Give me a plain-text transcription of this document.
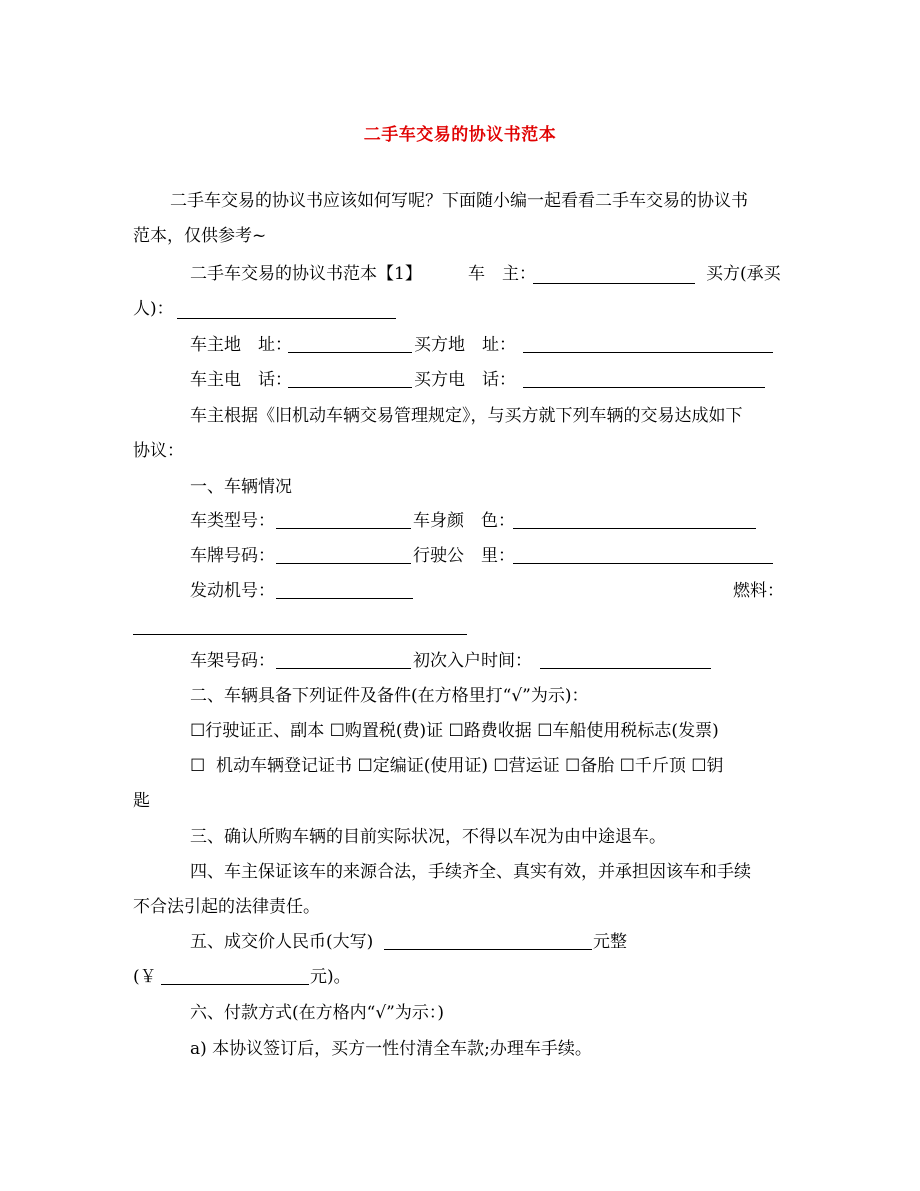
二手车交易的协议书范本
二手车交易的协议书应该如何写呢？下面随小编一起看看二手车交易的协议书
范本，仅供参考~
二手车交易的协议书范本【1】	车　主：	买方(承买
人)：
车主地　址：	买方地　址：
车主电　话：	买方电　话：
车主根据《旧机动车辆交易管理规定》，与买方就下列车辆的交易达成如下
协议：
一、车辆情况
车类型号：	车身颜　色：
车牌号码：	行驶公　里：
发动机号：	燃料：
车架号码：	初次入户时间：
二、车辆具备下列证件及备件(在方格里打“√”为示)：
☐行驶证正、副本 ☐购置税(费)证 ☐路费收据 ☐车船使用税标志(发票)
☐  机动车辆登记证书 ☐定编证(使用证) ☐营运证 ☐备胎 ☐千斤顶 ☐钥
匙
三、确认所购车辆的目前实际状况，不得以车况为由中途退车。
四、车主保证该车的来源合法，手续齐全、真实有效，并承担因该车和手续
不合法引起的法律责任。
五、成交价人民币(大写)	元整
(￥	元)。
六、付款方式(在方格内“√”为示：)
a) 本协议签订后，买方一性付清全车款;办理车手续。
